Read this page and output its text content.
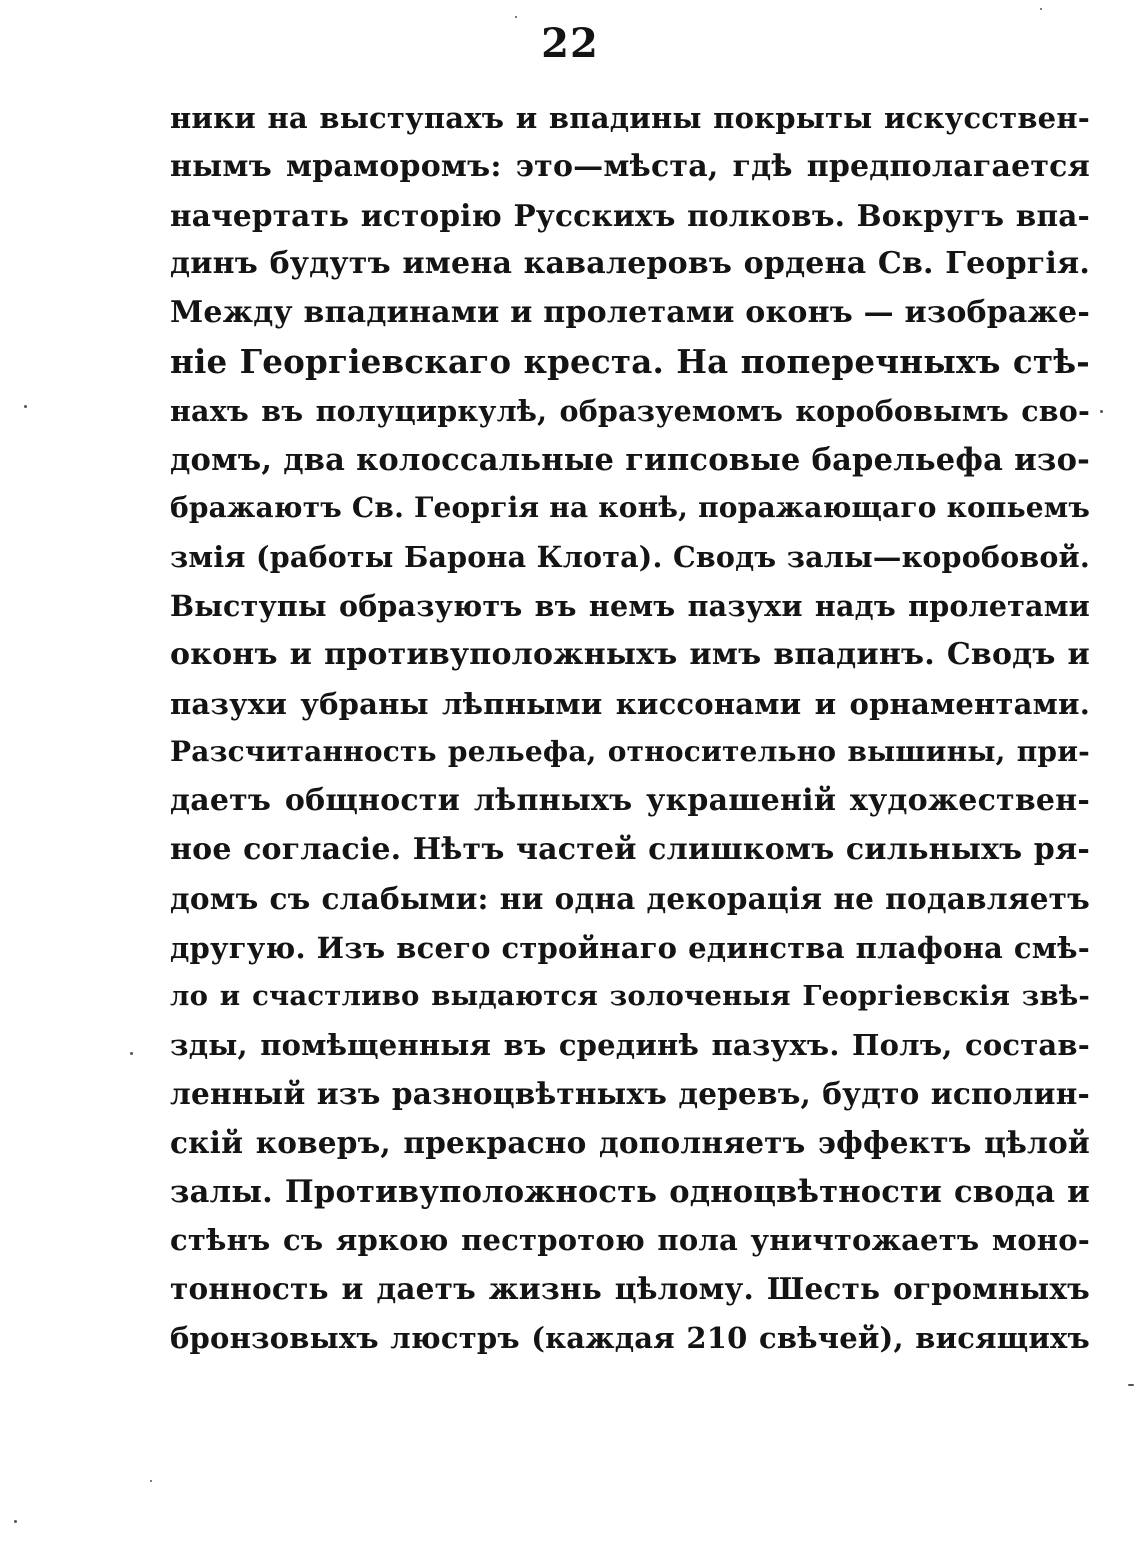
22
ники на выступахъ и впадины покрыты искусствен-
нымъ мраморомъ: это—мѣста, гдѣ предполагается
начертать исторію Русскихъ полковъ. Вокругъ впа-
динъ будутъ имена кавалеровъ ордена Св. Георгія.
Между впадинами и пролетами оконъ — изображе-
ніе Георгіевскаго креста. На поперечныхъ стѣ-
нахъ въ полуциркулѣ, образуемомъ коробовымъ сво-
домъ, два колоссальные гипсовые барельефа изо-
бражаютъ Св. Георгія на конѣ, поражающаго копьемъ
змія (работы Барона Клота). Сводъ залы—коробовой.
Выступы образуютъ въ немъ пазухи надъ пролетами
оконъ и противуположныхъ имъ впадинъ. Сводъ и
пазухи убраны лѣпными киссонами и орнаментами.
Разсчитанность рельефа, относительно вышины, при-
даетъ общности лѣпныхъ украшеній художествен-
ное согласіе. Нѣтъ частей слишкомъ сильныхъ ря-
домъ съ слабыми: ни одна декорація не подавляетъ
другую. Изъ всего стройнаго единства плафона смѣ-
ло и счастливо выдаются золоченыя Георгіевскія звѣ-
зды, помѣщенныя въ срединѣ пазухъ. Полъ, состав-
ленный изъ разноцвѣтныхъ деревъ, будто исполин-
скій коверъ, прекрасно дополняетъ эффектъ цѣлой
залы. Противуположность одноцвѣтности свода и
стѣнъ съ яркою пестротою пола уничтожаетъ моно-
тонность и даетъ жизнь цѣлому. Шесть огромныхъ
бронзовыхъ люстръ (каждая 210 свѣчей), висящихъ
